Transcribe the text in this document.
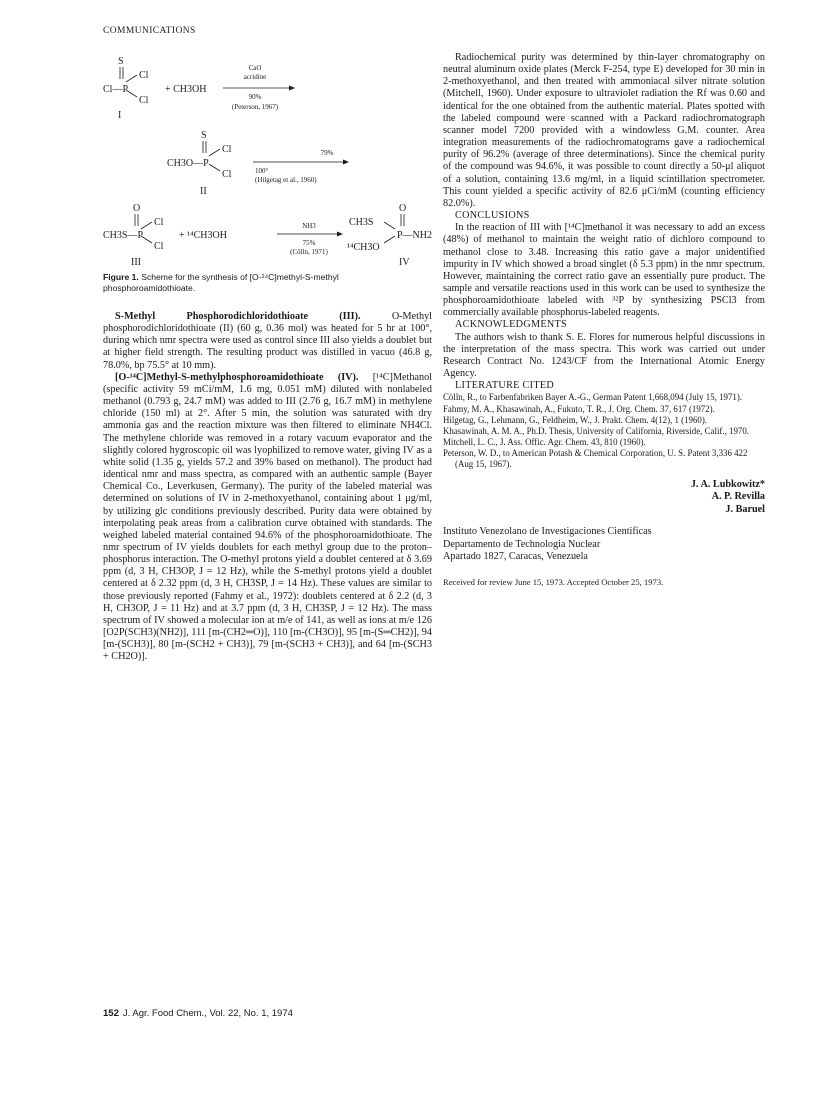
COMMUNICATIONS
S
Cl
Cl—P
Cl
I
+ CH3OH
CaO
acridine
90%
(Peterson, 1967)
S
Cl
CH3O—P
Cl
II
79%
100°
(Hilgetag et al., 1960)
O
Cl
CH3S—P
Cl
III
+ ¹⁴CH3OH
NH3
75%
(Cölln, 1971)
O
CH3S
P—NH2
¹⁴CH3O
IV
Figure 1. Scheme for the synthesis of [O-¹⁴C]methyl-S-methyl phosphoroamidothioate.

S-Methyl Phosphorodichloridothioate (III).	O-Methyl phosphorodichloridothioate (II) (60 g, 0.36 mol) was heated for 5 hr at 100°, during which nmr spectra were used as control since III also yields a doublet but at higher field strength. The resulting product was distilled in vacuo (46.8 g, 78.0%, bp 75.5° at 10 mm).

[O-¹⁴C]Methyl-S-methylphosphoroamidothioate (IV). [¹⁴C]Methanol (specific activity 59 mCi/mM, 1.6 mg, 0.051 mM) diluted with nonlabeled methanol (0.793 g, 24.7 mM) was added to III (2.76 g, 16.7 mM) in methylene chloride (150 ml) at 2°. After 5 min, the solution was saturated with dry ammonia gas and the reaction mixture was then filtered to eliminate NH4Cl. The methylene chloride was removed in a rotary vacuum evaporator and the slightly colored hygroscopic oil was lyophilized to remove water, giving IV as a white solid (1.35 g, yields 57.2 and 39% based on methanol). The product had identical nmr and mass spectra, as compared with an authentic sample (Bayer Chemical Co., Leverkusen, Germany). The purity of the labeled material was determined on solutions of IV in 2-methoxyethanol, containing about 1 μg/ml, by utilizing glc conditions previously described. Purity data were obtained by interpolating peak areas from a calibration curve obtained with standards. The weighed labeled material contained 94.6% of the phosphoroamidothioate. The nmr spectrum of IV yields doublets for each methyl group due to the proton–phosphorus interaction. The O-methyl protons yield a doublet centered at δ 3.69 ppm (d, 3 H, CH3OP, J = 12 Hz), while the S-methyl protons yield a doublet centered at δ 2.32 ppm (d, 3 H, CH3SP, J = 14 Hz). These values are similar to those previously reported (Fahmy et al., 1972): doublets centered at δ 2.2 (d, 3 H, CH3OP, J = 11 Hz) and at 3.7 ppm (d, 3 H, CH3SP, J = 12 Hz). The mass spectrum of IV showed a molecular ion at m/e of 141, as well as ions at m/e 126 [O2P(SCH3)(NH2)], 111 [m-(CH2═O)], 110 [m-(CH3O)], 95 [m-(S═CH2)], 94 [m-(SCH3)], 80 [m-(SCH2 + CH3)], 79 [m-(SCH3 + CH3)], and 64 [m-(SCH3 + CH2O)].

Radiochemical purity was determined by thin-layer chromatography on neutral aluminum oxide plates (Merck F-254, type E) developed for 30 min in 2-methoxyethanol, and then treated with ammoniacal silver nitrate solution (Mitchell, 1960). Under exposure to ultraviolet radiation the Rf was 0.60 and identical for the one obtained from the authentic material. Plates spotted with the labeled compound were scanned with a Packard radiochromatograph scanner model 7200 provided with a windowless G.M. counter. Area integration measurements of the radiochromatograms gave a radiochemical purity of 96.2% (average of three determinations). Since the chemical purity of the compound was 94.6%, it was possible to count directly a 50-μl aliquot of a solution, containing 13.6 mg/ml, in a liquid scintillation spectrometer. This count yielded a specific activity of 82.6 μCi/mM (counting efficiency 82.0%).

CONCLUSIONS

In the reaction of III with [¹⁴C]methanol it was necessary to add an excess (48%) of methanol to maintain the weight ratio of dichloro compound to methanol close to 3.48. Increasing this ratio gave a major unidentified impurity in IV which showed a broad singlet (δ 5.3 ppm) in the nmr spectrum. However, maintaining the correct ratio gave an essentially pure product. The sample and versatile reactions used in this work can be used to synthesize the phosphoroamidothioate labeled with ³²P by synthesizing PSCl3 from commercially available phosphorus-labeled reagents.

ACKNOWLEDGMENTS

The authors wish to thank S. E. Flores for numerous helpful discussions in the interpretation of the mass spectra. This work was carried out under Research Contract No. 1243/CF from the International Atomic Energy Agency.

LITERATURE CITED

Cölln, R., to Farbenfabriken Bayer A.-G., German Patent 1,668,094 (July 15, 1971).

Fahmy, M. A., Khasawinah, A., Fukuto, T. R., J. Org. Chem. 37, 617 (1972).

Hilgetag, G., Lehmann, G., Feldheim, W., J. Prakt. Chem. 4(12), 1 (1960).

Khasawinah, A. M. A., Ph.D. Thesis, University of California, Riverside, Calif., 1970.

Mitchell, L. C., J. Ass. Offic. Agr. Chem. 43, 810 (1960).

Peterson, W. D., to American Potash & Chemical Corporation, U. S. Patent 3,336 422 (Aug 15, 1967).

J. A. Lubkowitz*
A. P. Revilla
J. Baruel
Instituto Venezolano de Investigaciones Cientificas
Departamento de Technologia Nuclear
Apartado 1827, Caracas, Venezuela
Received for review June 15, 1973. Accepted October 25, 1973.
152 J. Agr. Food Chem., Vol. 22, No. 1, 1974
